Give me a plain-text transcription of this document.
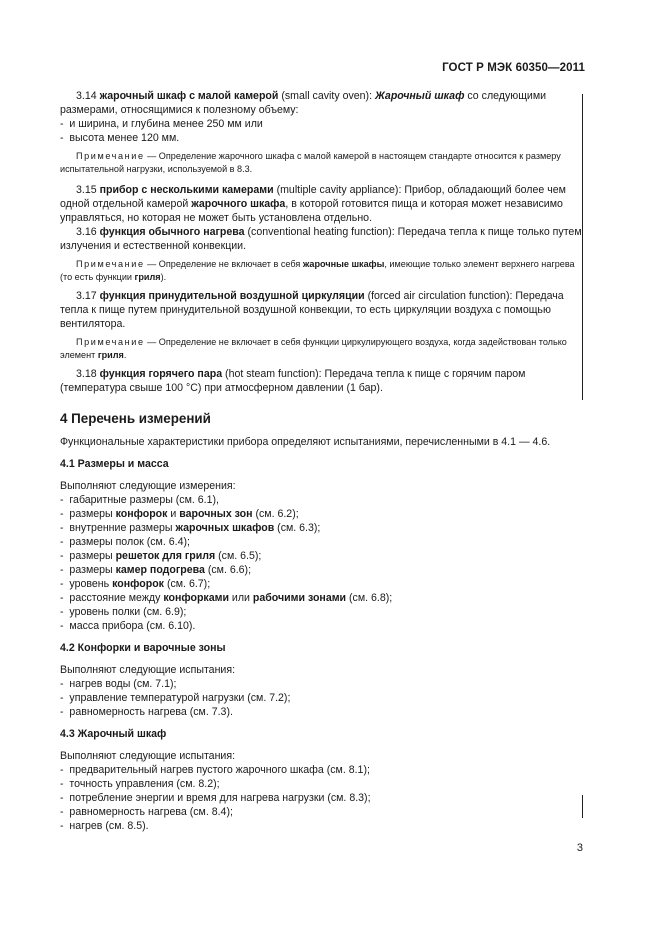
ГОСТ Р МЭК 60350—2011

3.14 жарочный шкаф с малой камерой (small cavity oven): Жарочный шкаф со следующими размерами, относящимися к полезному объему:

-  и ширина, и глубина менее 250 мм или

-  высота менее 120 мм.

Примечание — Определение жарочного шкафа с малой камерой в настоящем стандарте относится к размеру испытательной нагрузки, используемой в 8.3.

3.15 прибор с несколькими камерами (multiple cavity appliance): Прибор, обладающий более чем одной отдельной камерой жарочного шкафа, в которой готовится пища и которая может независимо управляться, но которая не может быть установлена отдельно.

3.16 функция обычного нагрева (conventional heating function): Передача тепла к пище только путем излучения и естественной конвекции.

Примечание — Определение не включает в себя жарочные шкафы, имеющие только элемент верхнего нагрева (то есть функции гриля).

3.17 функция принудительной воздушной циркуляции (forced air circulation function): Передача тепла к пище путем принудительной воздушной конвекции, то есть циркуляции воздуха с помощью вентилятора.

Примечание — Определение не включает в себя функции циркулирующего воздуха, когда задействован только элемент гриля.

3.18 функция горячего пара (hot steam function): Передача тепла к пище с горячим паром (температура свыше 100 °C) при атмосферном давлении (1 бар).

4 Перечень измерений

Функциональные характеристики прибора определяют испытаниями, перечисленными в 4.1 — 4.6.

4.1 Размеры и масса

Выполняют следующие измерения:

-  габаритные размеры (см. 6.1),

-  размеры конфорок и варочных зон (см. 6.2);

-  внутренние размеры жарочных шкафов (см. 6.3);

-  размеры полок (см. 6.4);

-  размеры решеток для гриля (см. 6.5);

-  размеры камер подогрева (см. 6.6);

-  уровень конфорок (см. 6.7);

-  расстояние между конфорками или рабочими зонами (см. 6.8);

-  уровень полки (см. 6.9);

-  масса прибора (см. 6.10).

4.2 Конфорки и варочные зоны

Выполняют следующие испытания:

-  нагрев воды (см. 7.1);

-  управление температурой нагрузки (см. 7.2);

-  равномерность нагрева (см. 7.3).

4.3 Жарочный шкаф

Выполняют следующие испытания:

-  предварительный нагрев пустого жарочного шкафа (см. 8.1);

-  точность управления (см. 8.2);

-  потребление энергии и время для нагрева нагрузки (см. 8.3);

-  равномерность нагрева (см. 8.4);

-  нагрев (см. 8.5).

3
